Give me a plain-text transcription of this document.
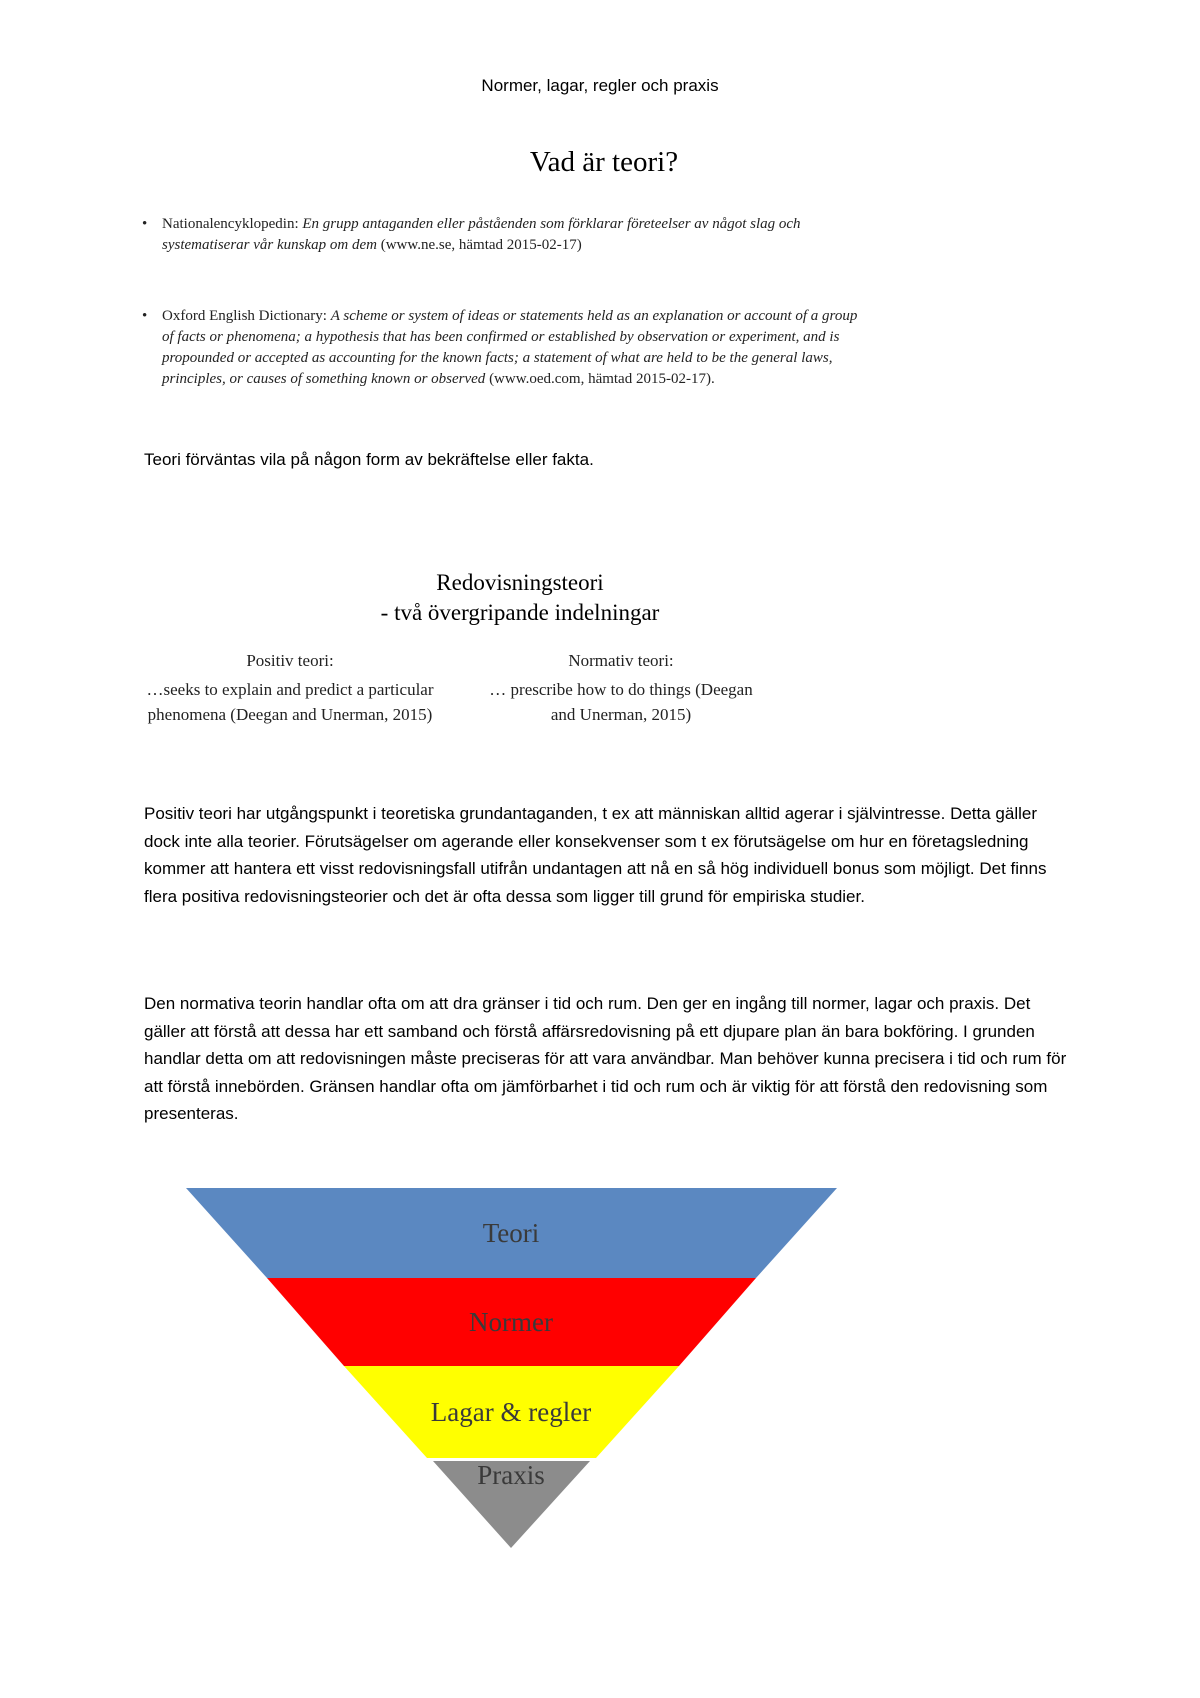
Normer, lagar, regler och praxis
Vad är teori?
• Nationalencyklopedin: En grupp antaganden eller påståenden som förklarar företeelser av något slag och systematiserar vår kunskap om dem (www.ne.se, hämtad 2015-02-17)
• Oxford English Dictionary: A scheme or system of ideas or statements held as an explanation or account of a group of facts or phenomena; a hypothesis that has been confirmed or established by observation or experiment, and is propounded or accepted as accounting for the known facts; a statement of what are held to be the general laws, principles, or causes of something known or observed (www.oed.com, hämtad 2015-02-17).
Teori förväntas vila på någon form av bekräftelse eller fakta.
Redovisningsteori
- två övergripande indelningar
Positiv teori:
…seeks to explain and predict a particular phenomena (Deegan and Unerman, 2015)
Normativ teori:
… prescribe how to do things (Deegan and Unerman, 2015)
Positiv teori har utgångspunkt i teoretiska grundantaganden, t ex att människan alltid agerar i självintresse. Detta gäller dock inte alla teorier. Förutsägelser om agerande eller konsekvenser som t ex förutsägelse om hur en företagsledning kommer att hantera ett visst redovisningsfall utifrån undantagen att nå en så hög individuell bonus som möjligt. Det finns flera positiva redovisningsteorier och det är ofta dessa som ligger till grund för empiriska studier.
Den normativa teorin handlar ofta om att dra gränser i tid och rum. Den ger en ingång till normer, lagar och praxis. Det gäller att förstå att dessa har ett samband och förstå affärsredovisning på ett djupare plan än bara bokföring. I grunden handlar detta om att redovisningen måste preciseras för att vara användbar. Man behöver kunna precisera i tid och rum för att förstå innebörden. Gränsen handlar ofta om jämförbarhet i tid och rum och är viktig för att förstå den redovisning som presenteras.
Teori
Normer
Lagar & regler
Praxis
